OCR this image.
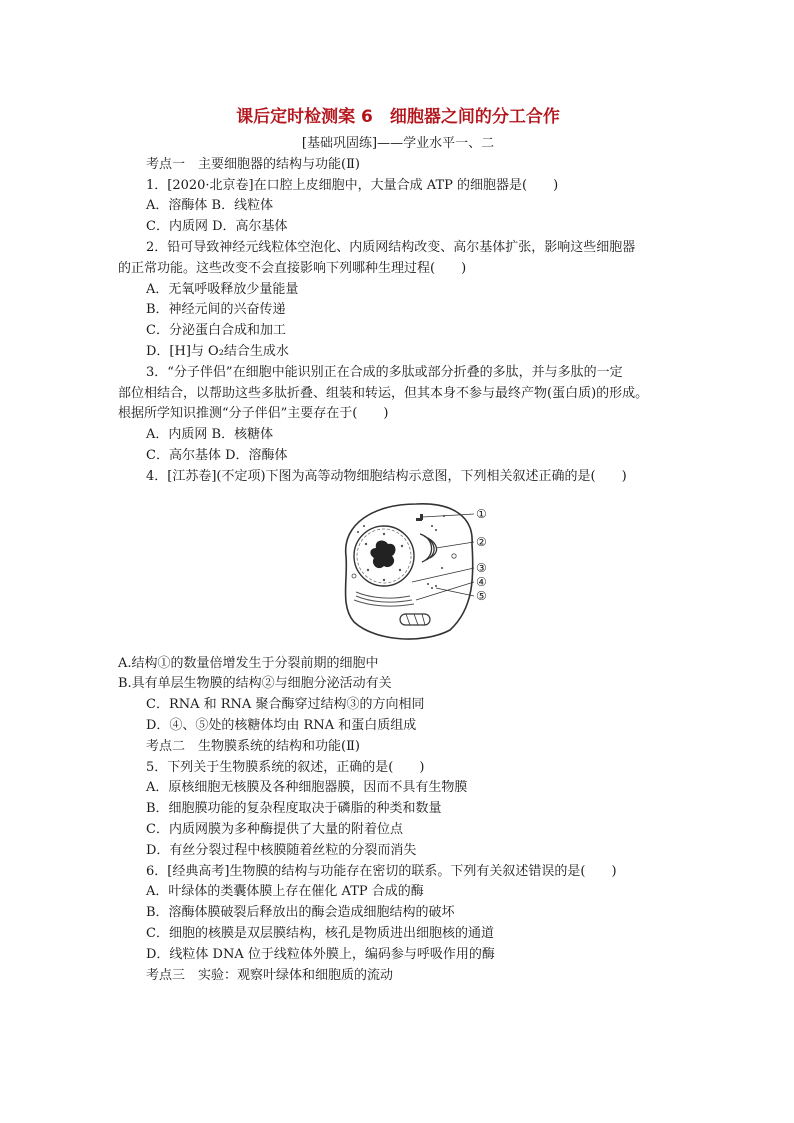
课后定时检测案 6　细胞器之间的分工合作

[基础巩固练]——学业水平一、二

考点一　主要细胞器的结构与功能(Ⅱ)

1．[2020·北京卷]在口腔上皮细胞中，大量合成 ATP 的细胞器是(　　)

A．溶酶体 B．线粒体

C．内质网 D．高尔基体

2．铅可导致神经元线粒体空泡化、内质网结构改变、高尔基体扩张，影响这些细胞器

的正常功能。这些改变不会直接影响下列哪种生理过程(　　)

A．无氧呼吸释放少量能量

B．神经元间的兴奋传递

C．分泌蛋白合成和加工

D．[H]与 O₂结合生成水

3．“分子伴侣”在细胞中能识别正在合成的多肽或部分折叠的多肽，并与多肽的一定

部位相结合，以帮助这些多肽折叠、组装和转运，但其本身不参与最终产物(蛋白质)的形成。

根据所学知识推测“分子伴侣”主要存在于(　　)

A．内质网 B．核糖体

C．高尔基体 D．溶酶体

4．[江苏卷](不定项)下图为高等动物细胞结构示意图，下列相关叙述正确的是(　　)

①
②
③
④
⑤

A.结构①的数量倍增发生于分裂前期的细胞中

B.具有单层生物膜的结构②与细胞分泌活动有关

C．RNA 和 RNA 聚合酶穿过结构③的方向相同

D．④、⑤处的核糖体均由 RNA 和蛋白质组成

考点二　生物膜系统的结构和功能(Ⅱ)

5．下列关于生物膜系统的叙述，正确的是(　　)

A．原核细胞无核膜及各种细胞器膜，因而不具有生物膜

B．细胞膜功能的复杂程度取决于磷脂的种类和数量

C．内质网膜为多种酶提供了大量的附着位点

D．有丝分裂过程中核膜随着丝粒的分裂而消失

6．[经典高考]生物膜的结构与功能存在密切的联系。下列有关叙述错误的是(　　)

A．叶绿体的类囊体膜上存在催化 ATP 合成的酶

B．溶酶体膜破裂后释放出的酶会造成细胞结构的破坏

C．细胞的核膜是双层膜结构，核孔是物质进出细胞核的通道

D．线粒体 DNA 位于线粒体外膜上，编码参与呼吸作用的酶

考点三　实验：观察叶绿体和细胞质的流动
